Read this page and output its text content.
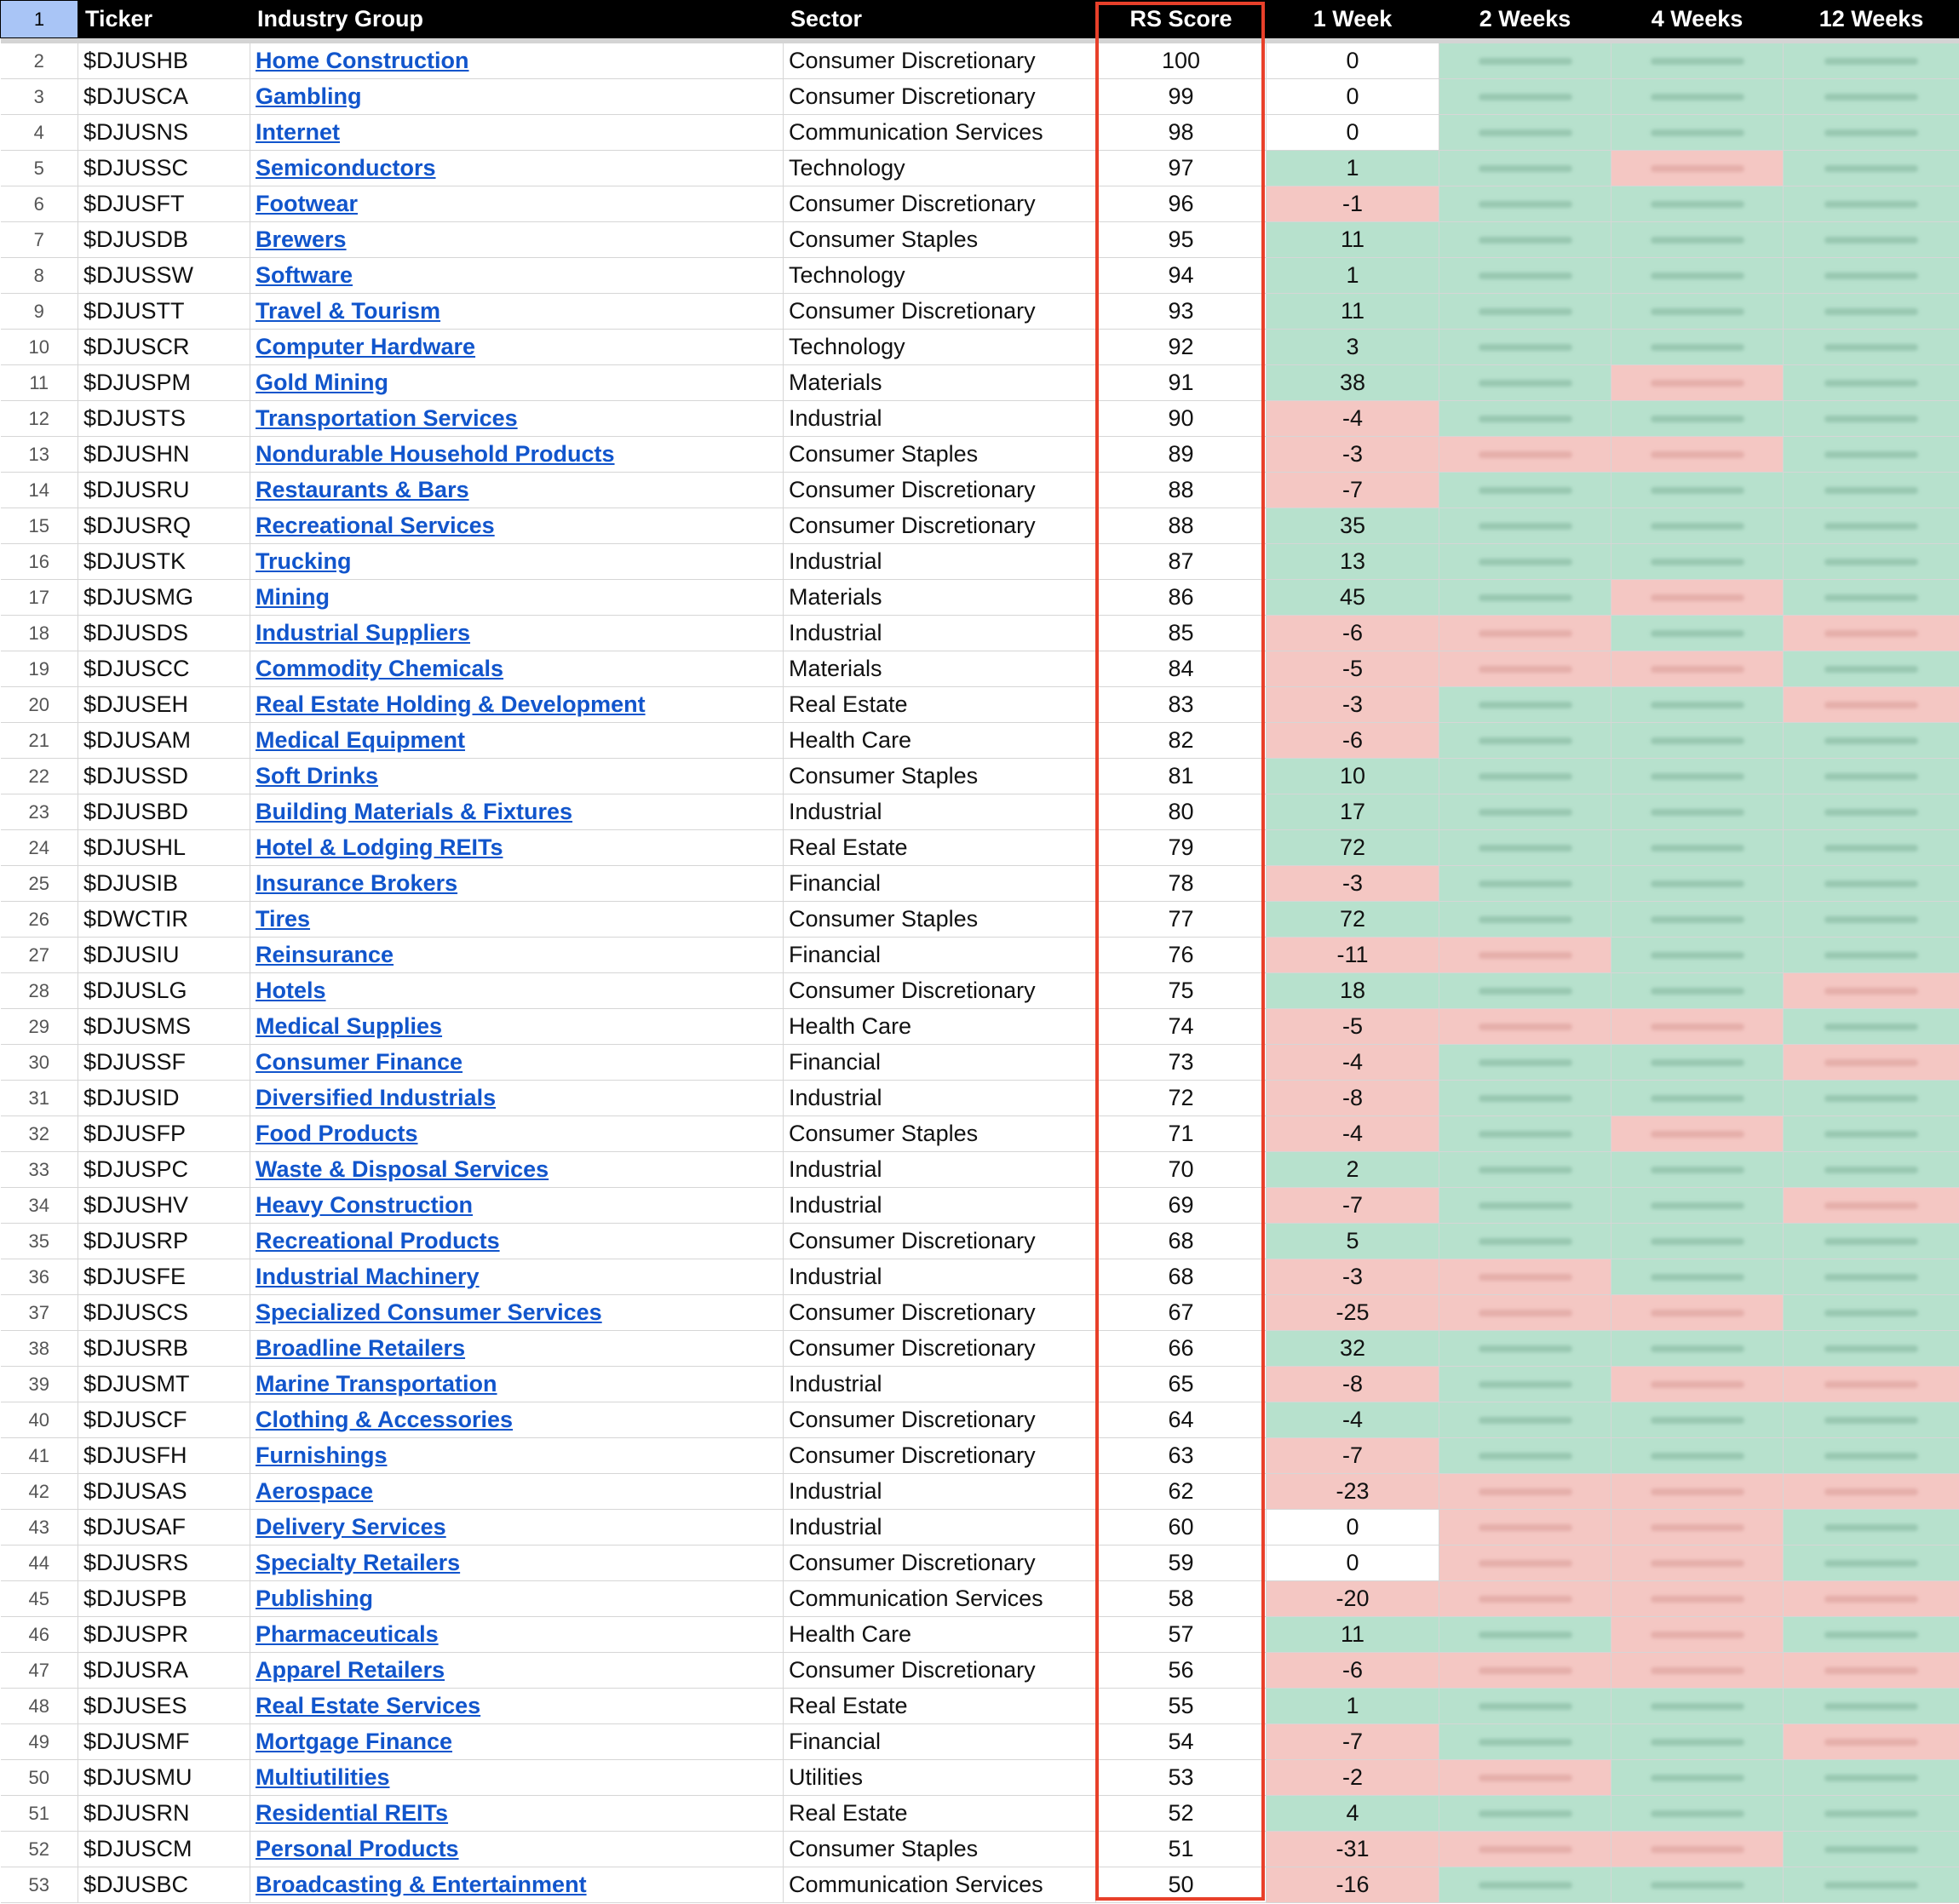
1	Ticker	Industry Group	Sector	RS Score	1 Week	2 Weeks	4 Weeks	12 Weeks

2	$DJUSHB	Home Construction	Consumer Discretionary	100	0	

3	$DJUSCA	Gambling	Consumer Discretionary	99	0	

4	$DJUSNS	Internet	Communication Services	98	0	

5	$DJUSSC	Semiconductors	Technology	97	1	

6	$DJUSFT	Footwear	Consumer Discretionary	96	-1	

7	$DJUSDB	Brewers	Consumer Staples	95	11	

8	$DJUSSW	Software	Technology	94	1	

9	$DJUSTT	Travel & Tourism	Consumer Discretionary	93	11	

10	$DJUSCR	Computer Hardware	Technology	92	3	

11	$DJUSPM	Gold Mining	Materials	91	38	

12	$DJUSTS	Transportation Services	Industrial	90	-4	

13	$DJUSHN	Nondurable Household Products	Consumer Staples	89	-3	

14	$DJUSRU	Restaurants & Bars	Consumer Discretionary	88	-7	

15	$DJUSRQ	Recreational Services	Consumer Discretionary	88	35	

16	$DJUSTK	Trucking	Industrial	87	13	

17	$DJUSMG	Mining	Materials	86	45	

18	$DJUSDS	Industrial Suppliers	Industrial	85	-6	

19	$DJUSCC	Commodity Chemicals	Materials	84	-5	

20	$DJUSEH	Real Estate Holding & Development	Real Estate	83	-3	

21	$DJUSAM	Medical Equipment	Health Care	82	-6	

22	$DJUSSD	Soft Drinks	Consumer Staples	81	10	

23	$DJUSBD	Building Materials & Fixtures	Industrial	80	17	

24	$DJUSHL	Hotel & Lodging REITs	Real Estate	79	72	

25	$DJUSIB	Insurance Brokers	Financial	78	-3	

26	$DWCTIR	Tires	Consumer Staples	77	72	

27	$DJUSIU	Reinsurance	Financial	76	-11	

28	$DJUSLG	Hotels	Consumer Discretionary	75	18	

29	$DJUSMS	Medical Supplies	Health Care	74	-5	

30	$DJUSSF	Consumer Finance	Financial	73	-4	

31	$DJUSID	Diversified Industrials	Industrial	72	-8	

32	$DJUSFP	Food Products	Consumer Staples	71	-4	

33	$DJUSPC	Waste & Disposal Services	Industrial	70	2	

34	$DJUSHV	Heavy Construction	Industrial	69	-7	

35	$DJUSRP	Recreational Products	Consumer Discretionary	68	5	

36	$DJUSFE	Industrial Machinery	Industrial	68	-3	

37	$DJUSCS	Specialized Consumer Services	Consumer Discretionary	67	-25	

38	$DJUSRB	Broadline Retailers	Consumer Discretionary	66	32	

39	$DJUSMT	Marine Transportation	Industrial	65	-8	

40	$DJUSCF	Clothing & Accessories	Consumer Discretionary	64	-4	

41	$DJUSFH	Furnishings	Consumer Discretionary	63	-7	

42	$DJUSAS	Aerospace	Industrial	62	-23	

43	$DJUSAF	Delivery Services	Industrial	60	0	

44	$DJUSRS	Specialty Retailers	Consumer Discretionary	59	0	

45	$DJUSPB	Publishing	Communication Services	58	-20	

46	$DJUSPR	Pharmaceuticals	Health Care	57	11	

47	$DJUSRA	Apparel Retailers	Consumer Discretionary	56	-6	

48	$DJUSES	Real Estate Services	Real Estate	55	1	

49	$DJUSMF	Mortgage Finance	Financial	54	-7	

50	$DJUSMU	Multiutilities	Utilities	53	-2	

51	$DJUSRN	Residential REITs	Real Estate	52	4	

52	$DJUSCM	Personal Products	Consumer Staples	51	-31	

53	$DJUSBC	Broadcasting & Entertainment	Communication Services	50	-16	
